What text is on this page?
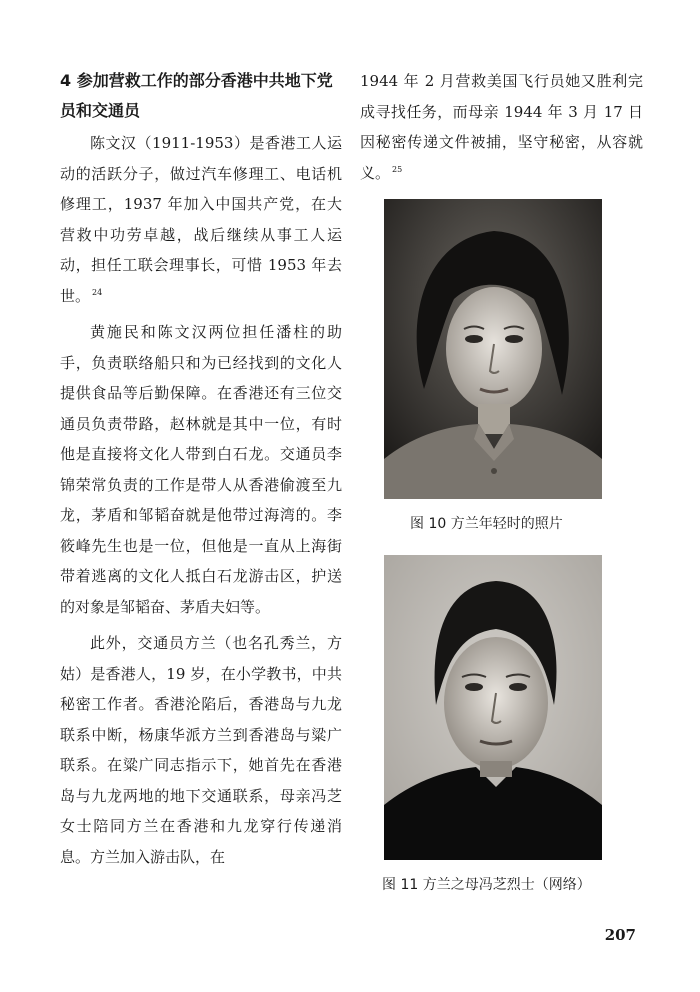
4 参加营救工作的部分香港中共地下党
员和交通员

陈文汉（1911-1953）是香港工人运动的活跃分子，做过汽车修理工、电话机修理工，1937 年加入中国共产党，在大营救中功劳卓越，战后继续从事工人运动，担任工联会理事长，可惜 1953 年去世。 $^{24}$

黄施民和陈文汉两位担任潘柱的助手，负责联络船只和为已经找到的文化人提供食品等后勤保障。在香港还有三位交通员负责带路，赵林就是其中一位，有时他是直接将文化人带到白石龙。交通员李锦荣常负责的工作是带人从香港偷渡至九龙，茅盾和邹韬奋就是他带过海湾的。李筱峰先生也是一位，但他是一直从上海街带着逃离的文化人抵白石龙游击区，护送的对象是邹韬奋、茅盾夫妇等。

此外，交通员方兰（也名孔秀兰，方姑）是香港人，19 岁，在小学教书，中共秘密工作者。香港沦陷后，香港岛与九龙联系中断，杨康华派方兰到香港岛与粱广联系。在粱广同志指示下，她首先在香港岛与九龙两地的地下交通联系，母亲冯芝女士陪同方兰在香港和九龙穿行传递消息。方兰加入游击队，在

1944 年 2 月营救美国飞行员她又胜利完成寻找任务，而母亲 1944 年 3 月 17 日因秘密传递文件被捕，坚守秘密，从容就义。 $^{25}$

图 10 方兰年轻时的照片
图 11 方兰之母冯芝烈士（网络）
207
